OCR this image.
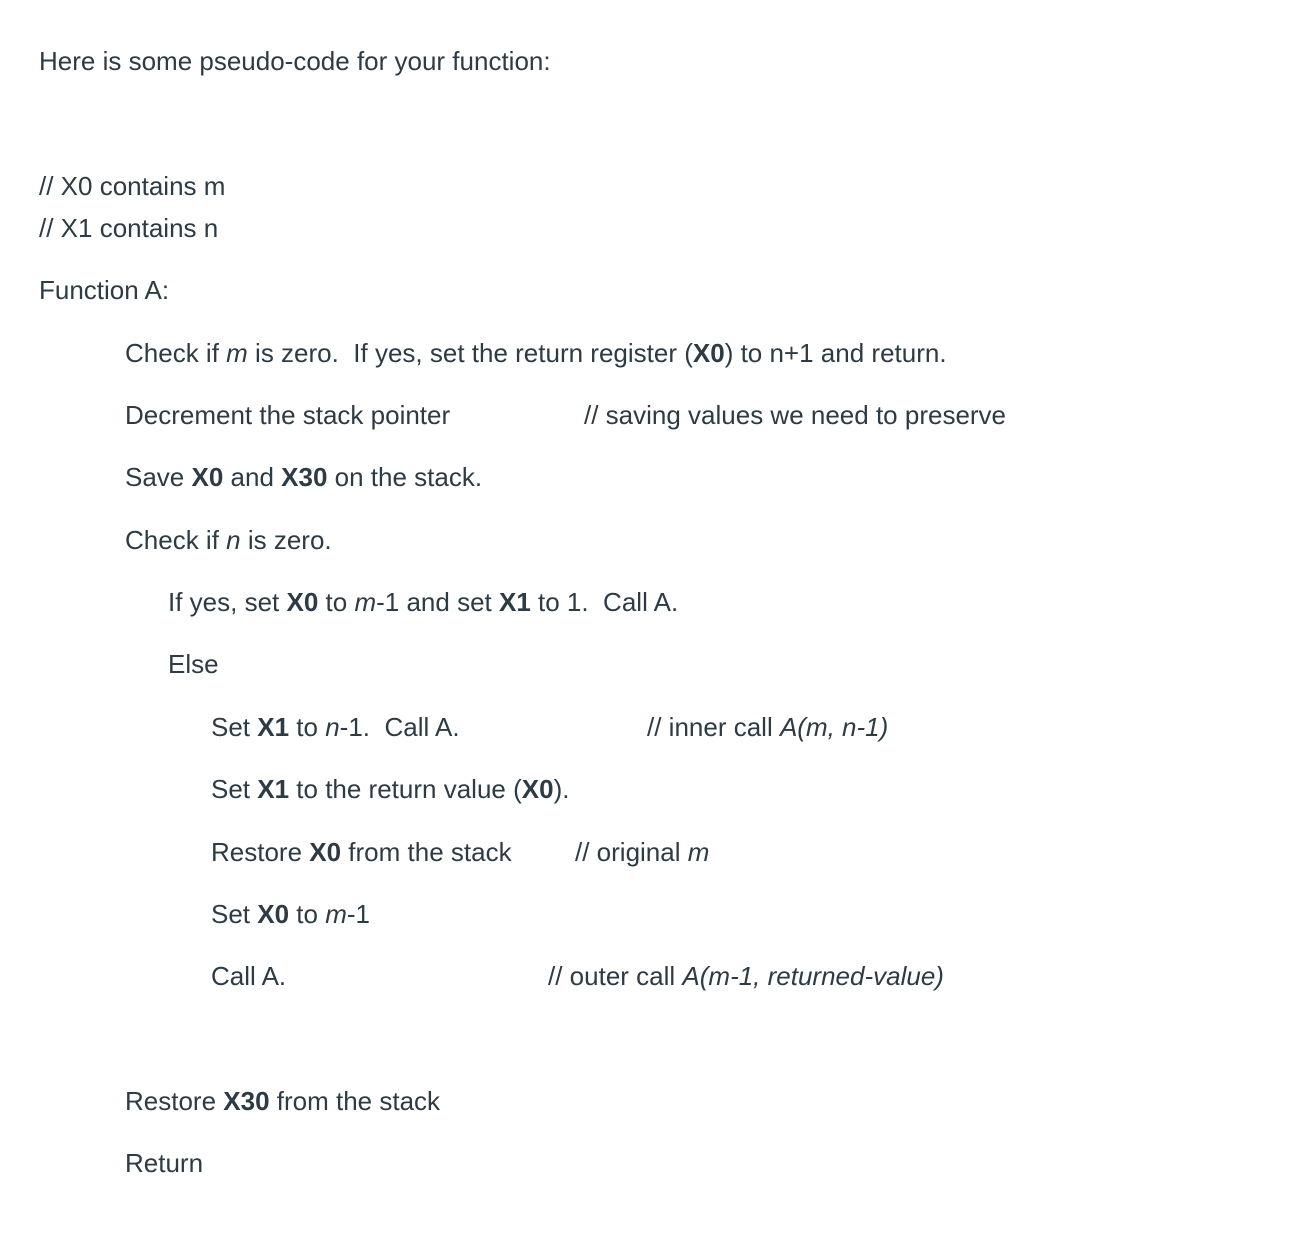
Here is some pseudo-code for your function:
// X0 contains m
// X1 contains n
Function A:
Check if m is zero.  If yes, set the return register (X0) to n+1 and return.
Decrement the stack pointer	// saving values we need to preserve
Save X0 and X30 on the stack.
Check if n is zero.
If yes, set X0 to m-1 and set X1 to 1.  Call A.
Else
Set X1 to n-1.  Call A.	// inner call A(m, n-1)
Set X1 to the return value (X0).
Restore X0 from the stack // original m
Set X0 to m-1
Call A.	// outer call A(m-1, returned-value)
Restore X30 from the stack
Return
